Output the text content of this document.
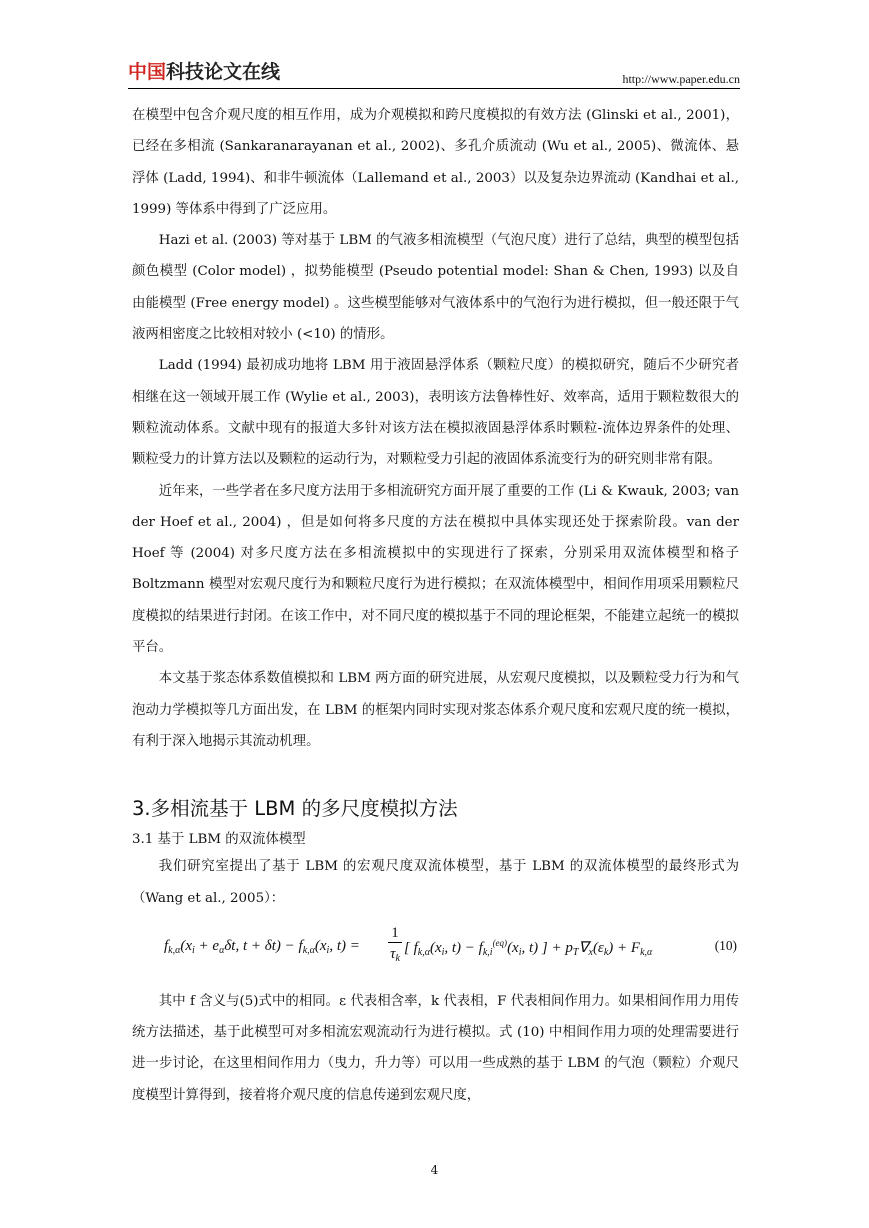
中国科技论文在线	http://www.paper.edu.cn

在模型中包含介观尺度的相互作用，成为介观模拟和跨尺度模拟的有效方法 (Glinski et al., 2001)，已经在多相流 (Sankaranarayanan et al., 2002)、多孔介质流动 (Wu et al., 2005)、微流体、悬浮体 (Ladd, 1994)、和非牛顿流体（Lallemand et al., 2003）以及复杂边界流动 (Kandhai et al., 1999) 等体系中得到了广泛应用。

Hazi et al. (2003) 等对基于 LBM 的气液多相流模型（气泡尺度）进行了总结，典型的模型包括颜色模型 (Color model) ，拟势能模型 (Pseudo potential model: Shan & Chen, 1993) 以及自由能模型 (Free energy model) 。这些模型能够对气液体系中的气泡行为进行模拟，但一般还限于气液两相密度之比较相对较小 (<10) 的情形。

Ladd (1994) 最初成功地将 LBM 用于液固悬浮体系（颗粒尺度）的模拟研究，随后不少研究者相继在这一领域开展工作 (Wylie et al., 2003)，表明该方法鲁棒性好、效率高，适用于颗粒数很大的颗粒流动体系。文献中现有的报道大多针对该方法在模拟液固悬浮体系时颗粒-流体边界条件的处理、颗粒受力的计算方法以及颗粒的运动行为，对颗粒受力引起的液固体系流变行为的研究则非常有限。

近年来，一些学者在多尺度方法用于多相流研究方面开展了重要的工作 (Li & Kwauk, 2003; van der Hoef et al., 2004) ，但是如何将多尺度的方法在模拟中具体实现还处于探索阶段。van der Hoef 等 (2004) 对多尺度方法在多相流模拟中的实现进行了探索，分别采用双流体模型和格子 Boltzmann 模型对宏观尺度行为和颗粒尺度行为进行模拟；在双流体模型中，相间作用项采用颗粒尺度模拟的结果进行封闭。在该工作中，对不同尺度的模拟基于不同的理论框架，不能建立起统一的模拟平台。

本文基于浆态体系数值模拟和 LBM 两方面的研究进展，从宏观尺度模拟，以及颗粒受力行为和气泡动力学模拟等几方面出发，在 LBM 的框架内同时实现对浆态体系介观尺度和宏观尺度的统一模拟，有利于深入地揭示其流动机理。

3.多相流基于 LBM 的多尺度模拟方法
3.1 基于 LBM 的双流体模型

我们研究室提出了基于 LBM 的宏观尺度双流体模型，基于 LBM 的双流体模型的最终形式为（Wang et al., 2005）：

$f_{k,\alpha}(x_i + e_\alpha\delta t$, $t + \delta t) - f_{k,\alpha}(x_i$, t) =
1
$\tau_k$
[ $f_{k,\alpha}(x_i$, $t) - f_{k,i}^{(eq)}(x_i$, t) ] + $p_T\nabla_x(\varepsilon_k) + F_{k,\alpha}$	(10)

其中 f 含义与(5)式中的相同。ε 代表相含率，k 代表相，F 代表相间作用力。如果相间作用力用传统方法描述，基于此模型可对多相流宏观流动行为进行模拟。式 (10) 中相间作用力项的处理需要进行进一步讨论，在这里相间作用力（曳力，升力等）可以用一些成熟的基于 LBM 的气泡（颗粒）介观尺度模型计算得到，接着将介观尺度的信息传递到宏观尺度，

4
